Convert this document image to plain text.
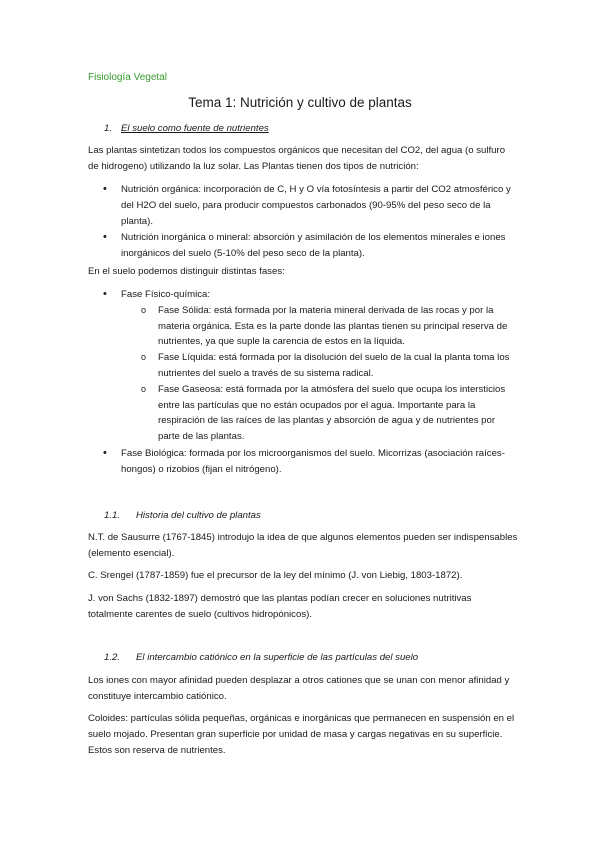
Fisiología Vegetal
Tema 1: Nutrición y cultivo de plantas
1. El suelo como fuente de nutrientes

Las plantas sintetizan todos los compuestos orgánicos que necesitan del CO2, del agua (o sulfuro de hidrogeno) utilizando la luz solar. Las Plantas tienen dos tipos de nutrición:

• Nutrición orgánica: incorporación de C, H y O vía fotosíntesis a partir del CO2 atmosférico y del H2O del suelo, para producir compuestos carbonados (90-95% del peso seco de la planta).
• Nutrición inorgánica o mineral: absorción y asimilación de los elementos minerales e iones inorgánicos del suelo (5-10% del peso seco de la planta).

En el suelo podemos distinguir distintas fases:

• Fase Físico-química:
o Fase Sólida: está formada por la materia mineral derivada de las rocas y por la materia orgánica. Esta es la parte donde las plantas tienen su principal reserva de nutrientes, ya que suple la carencia de estos en la líquida.
o Fase Líquida: está formada por la disolución del suelo de la cual la planta toma los nutrientes del suelo a través de su sistema radical.
o Fase Gaseosa: está formada por la atmósfera del suelo que ocupa los intersticios entre las partículas que no están ocupados por el agua. Importante para la respiración de las raíces de las plantas y absorción de agua y de nutrientes por parte de las plantas.
• Fase Biológica: formada por los microorganismos del suelo. Micorrizas (asociación raíces-hongos) o rizobios (fijan el nitrógeno).
1.1. Historia del cultivo de plantas

N.T. de Sausurre (1767-1845) introdujo la idea de que algunos elementos pueden ser indispensables (elemento esencial).

C. Srengel (1787-1859) fue el precursor de la ley del mínimo (J. von Liebig, 1803-1872).

J. von Sachs (1832-1897) demostró que las plantas podían crecer en soluciones nutritivas totalmente carentes de suelo (cultivos hidropónicos).

1.2. El intercambio catiónico en la superficie de las partículas del suelo

Los iones con mayor afinidad pueden desplazar a otros cationes que se unan con menor afinidad y constituye intercambio catiónico.

Coloides: partículas sólida pequeñas, orgánicas e inorgánicas que permanecen en suspensión en el suelo mojado. Presentan gran superficie por unidad de masa y cargas negativas en su superficie. Estos son reserva de nutrientes.
